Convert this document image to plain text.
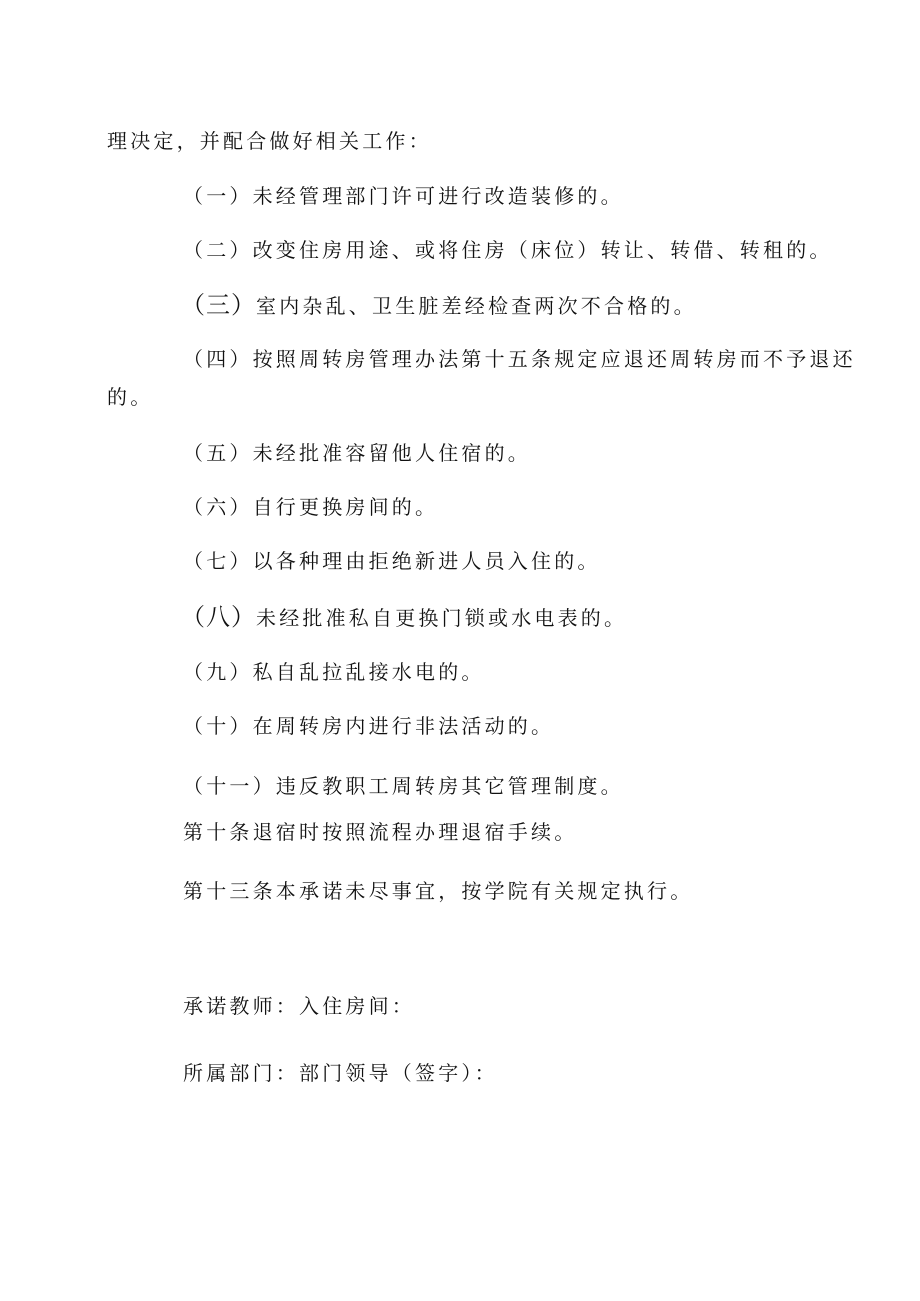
理决定，并配合做好相关工作：

（一）未经管理部门许可进行改造装修的。

（二）改变住房用途、或将住房（床位）转让、转借、转租的。

（三）室内杂乱、卫生脏差经检查两次不合格的。

（四）按照周转房管理办法第十五条规定应退还周转房而不予退还

的。

（五）未经批准容留他人住宿的。

（六）自行更换房间的。

（七）以各种理由拒绝新进人员入住的。

（八）未经批准私自更换门锁或水电表的。

（九）私自乱拉乱接水电的。

（十）在周转房内进行非法活动的。

（十一）违反教职工周转房其它管理制度。

第十条退宿时按照流程办理退宿手续。

第十三条本承诺未尽事宜，按学院有关规定执行。

承诺教师：入住房间：

所属部门：部门领导（签字）：
